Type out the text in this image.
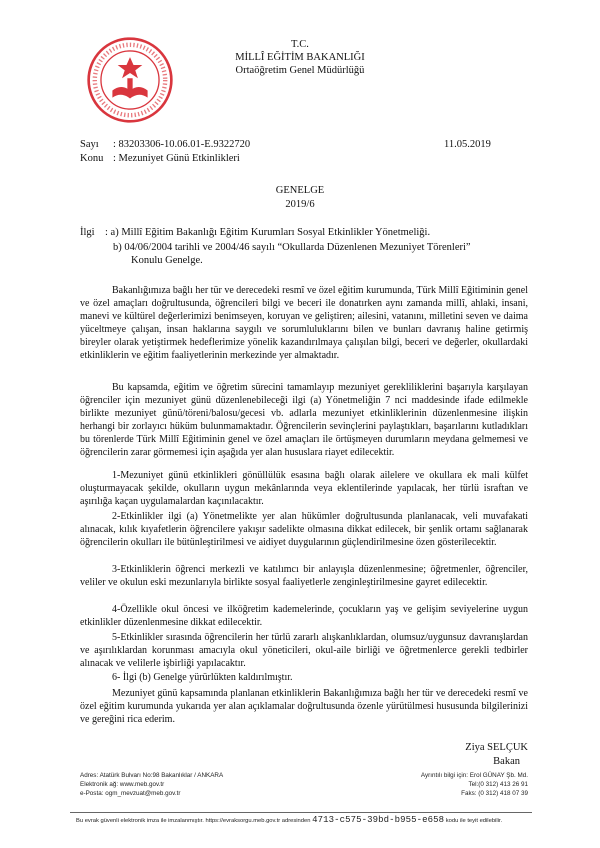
T.C.
MİLLÎ EĞİTİM BAKANLIĞI
Ortaöğretim Genel Müdürlüğü
Sayı : 83203306-10.06.01-E.9322720	11.05.2019
Konu : Mezuniyet Günü Etkinlikleri
GENELGE
2019/6
İlgi : a) Millî Eğitim Bakanlığı Eğitim Kurumları Sosyal Etkinlikler Yönetmeliği.
b) 04/06/2004 tarihli ve 2004/46 sayılı “Okullarda Düzenlenen Mezuniyet Törenleri”
Konulu Genelge.

Bakanlığımıza bağlı her tür ve derecedeki resmî ve özel eğitim kurumunda, Türk Millî Eğitiminin genel ve özel amaçları doğrultusunda, öğrencileri bilgi ve beceri ile donatırken aynı zamanda millî, ahlaki, insani, manevi ve kültürel değerlerimizi benimseyen, koruyan ve geliştiren; ailesini, vatanını, milletini seven ve daima yüceltmeye çalışan, insan haklarına saygılı ve sorumluluklarını bilen ve bunları davranış haline getirmiş bireyler olarak yetiştirmek hedeflerimize yönelik kazandırılmaya çalışılan bilgi, beceri ve değerler, okullardaki etkinliklerin ve eğitim faaliyetlerinin merkezinde yer almaktadır.

Bu kapsamda, eğitim ve öğretim sürecini tamamlayıp mezuniyet gerekliliklerini başarıyla karşılayan öğrenciler için mezuniyet günü düzenlenebileceği ilgi (a) Yönetmeliğin 7 nci maddesinde ifade edilmekle birlikte mezuniyet günü/töreni/balosu/gecesi vb. adlarla mezuniyet etkinliklerinin düzenlenmesine ilişkin herhangi bir zorlayıcı hüküm bulunmamaktadır. Öğrencilerin sevinçlerini paylaştıkları, başarılarını kutladıkları bu törenlerde Türk Millî Eğitiminin genel ve özel amaçları ile örtüşmeyen durumların meydana gelmemesi ve öğrencilerin zarar görmemesi için aşağıda yer alan hususlara riayet edilecektir.

1-Mezuniyet günü etkinlikleri gönüllülük esasına bağlı olarak ailelere ve okullara ek mali külfet oluşturmayacak şekilde, okulların uygun mekânlarında veya eklentilerinde yapılacak, her türlü israftan ve aşırılığa kaçan uygulamalardan kaçınılacaktır.

2-Etkinlikler ilgi (a) Yönetmelikte yer alan hükümler doğrultusunda planlanacak, veli muvafakati alınacak, kılık kıyafetlerin öğrencilere yakışır sadelikte olmasına dikkat edilecek, bir şenlik ortamı sağlanarak öğrencilerin okulları ile bütünleştirilmesi ve aidiyet duygularının güçlendirilmesine özen gösterilecektir.

3-Etkinliklerin öğrenci merkezli ve katılımcı bir anlayışla düzenlenmesine; öğretmenler, öğrenciler, veliler ve okulun eski mezunlarıyla birlikte sosyal faaliyetlerle zenginleştirilmesine gayret edilecektir.

4-Özellikle okul öncesi ve ilköğretim kademelerinde, çocukların yaş ve gelişim seviyelerine uygun etkinlikler düzenlenmesine dikkat edilecektir.

5-Etkinlikler sırasında öğrencilerin her türlü zararlı alışkanlıklardan, olumsuz/uygunsuz davranışlardan ve aşırılıklardan korunması amacıyla okul yöneticileri, okul-aile birliği ve öğretmenlerce gerekli tedbirler alınacak ve velilerle işbirliği yapılacaktır.

6- İlgi (b) Genelge yürürlükten kaldırılmıştır.

Mezuniyet günü kapsamında planlanan etkinliklerin Bakanlığımıza bağlı her tür ve derecedeki resmî ve özel eğitim kurumunda yukarıda yer alan açıklamalar doğrultusunda özenle yürütülmesi hususunda bilgilerinizi ve gereğini rica ederim.

Ziya SELÇUK
Bakan
Adres: Atatürk Bulvarı No:98 Bakanlıklar / ANKARA
Elektronik ağ: www.meb.gov.tr
e-Posta: ogm_mevzuat@meb.gov.tr
Ayrıntılı bilgi için: Erol GÜNAY Şb. Md.
Tel:(0 312) 413 26 91
Faks: (0 312) 418 07 39
Bu evrak güvenli elektronik imza ile imzalanmıştır. https://evraksorgu.meb.gov.tr adresinden 4713-c575-39bd-b955-e658 kodu ile teyit edilebilir.
